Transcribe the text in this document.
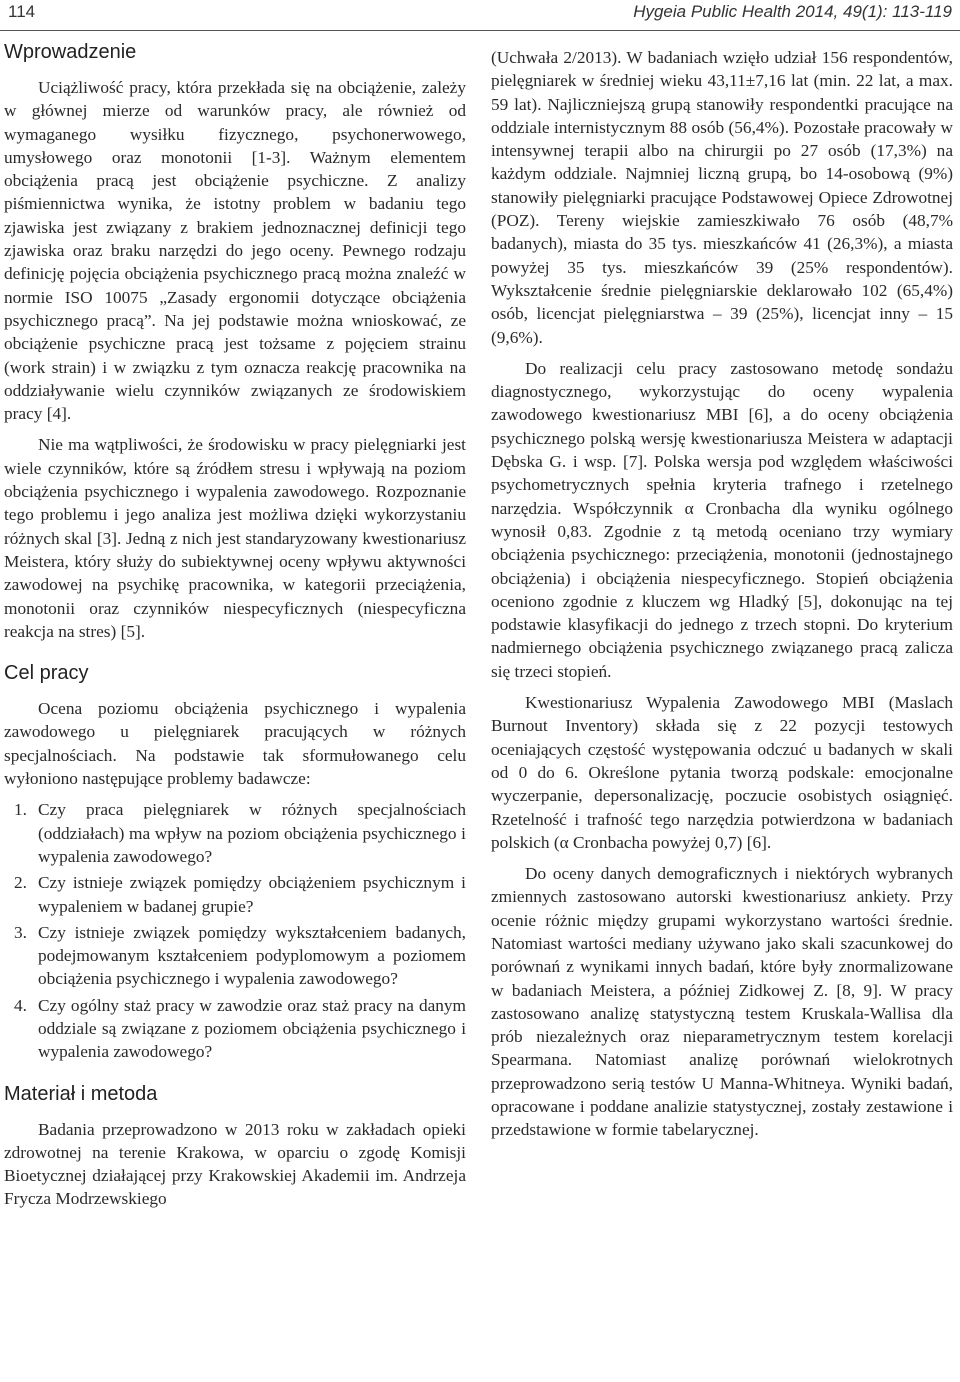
114	Hygeia Public Health 2014, 49(1): 113-119
Wprowadzenie

Uciążliwość pracy, która przekłada się na obciążenie, zależy w głównej mierze od warunków pracy, ale również od wymaganego wysiłku fizycznego, psychonerwowego, umysłowego oraz monotonii [1-3]. Ważnym elementem obciążenia pracą jest obciążenie psychiczne. Z analizy piśmiennictwa wynika, że istotny problem w badaniu tego zjawiska jest związany z brakiem jednoznacznej definicji tego zjawiska oraz braku narzędzi do jego oceny. Pewnego rodzaju definicję pojęcia obciążenia psychicznego pracą można znaleźć w normie ISO 10075 „Zasady ergonomii dotyczące obciążenia psychicznego pracą”. Na jej podstawie można wnioskować, ze obciążenie psychiczne pracą jest tożsame z pojęciem strainu (work strain) i w związku z tym oznacza reakcję pracownika na oddziaływanie wielu czynników związanych ze środowiskiem pracy [4].

Nie ma wątpliwości, że środowisku w pracy pielęgniarki jest wiele czynników, które są źródłem stresu i wpływają na poziom obciążenia psychicznego i wypalenia zawodowego. Rozpoznanie tego problemu i jego analiza jest możliwa dzięki wykorzystaniu różnych skal [3]. Jedną z nich jest standaryzowany kwestionariusz Meistera, który służy do subiektywnej oceny wpływu aktywności zawodowej na psychikę pracownika, w kategorii przeciążenia, monotonii oraz czynników niespecyficznych (niespecyficzna reakcja na stres) [5].

Cel pracy

Ocena poziomu obciążenia psychicznego i wypalenia zawodowego u pielęgniarek pracujących w różnych specjalnościach. Na podstawie tak sformułowanego celu wyłoniono następujące problemy badawcze:

1. Czy praca pielęgniarek w różnych specjalnościach (oddziałach) ma wpływ na poziom obciążenia psychicznego i wypalenia zawodowego?
2. Czy istnieje związek pomiędzy obciążeniem psychicznym i wypaleniem w badanej grupie?
3. Czy istnieje związek pomiędzy wykształceniem badanych, podejmowanym kształceniem podyplomowym a poziomem obciążenia psychicznego i wypalenia zawodowego?
4. Czy ogólny staż pracy w zawodzie oraz staż pracy na danym oddziale są związane z poziomem obciążenia psychicznego i wypalenia zawodowego?
Materiał i metoda

Badania przeprowadzono w 2013 roku w zakładach opieki zdrowotnej na terenie Krakowa, w oparciu o zgodę Komisji Bioetycznej działającej przy Krakowskiej Akademii im. Andrzeja Frycza Modrzewskiego

(Uchwała 2/2013). W badaniach wzięło udział 156 respondentów, pielęgniarek w średniej wieku 43,11±7,16 lat (min. 22 lat, a max. 59 lat). Najliczniejszą grupą stanowiły respondentki pracujące na oddziale internistycznym 88 osób (56,4%). Pozostałe pracowały w intensywnej terapii albo na chirurgii po 27 osób (17,3%) na każdym oddziale. Najmniej liczną grupą, bo 14-osobową (9%) stanowiły pielęgniarki pracujące Podstawowej Opiece Zdrowotnej (POZ). Tereny wiejskie zamieszkiwało 76 osób (48,7% badanych), miasta do 35 tys. mieszkańców 41 (26,3%), a miasta powyżej 35 tys. mieszkańców 39 (25% respondentów). Wykształcenie średnie pielęgniarskie deklarowało 102 (65,4%) osób, licencjat pielęgniarstwa – 39 (25%), licencjat inny – 15 (9,6%).

Do realizacji celu pracy zastosowano metodę sondażu diagnostycznego, wykorzystując do oceny wypalenia zawodowego kwestionariusz MBI [6], a do oceny obciążenia psychicznego polską wersję kwestionariusza Meistera w adaptacji Dębska G. i wsp. [7]. Polska wersja pod względem właściwości psychometrycznych spełnia kryteria trafnego i rzetelnego narzędzia. Współczynnik α Cronbacha dla wyniku ogólnego wynosił 0,83. Zgodnie z tą metodą oceniano trzy wymiary obciążenia psychicznego: przeciążenia, monotonii (jednostajnego obciążenia) i obciążenia niespecyficznego. Stopień obciążenia oceniono zgodnie z kluczem wg Hladký [5], dokonując na tej podstawie klasyfikacji do jednego z trzech stopni. Do kryterium nadmiernego obciążenia psychicznego związanego pracą zalicza się trzeci stopień.

Kwestionariusz Wypalenia Zawodowego MBI (Maslach Burnout Inventory) składa się z 22 pozycji testowych oceniających częstość występowania odczuć u badanych w skali od 0 do 6. Określone pytania tworzą podskale: emocjonalne wyczerpanie, depersonalizację, poczucie osobistych osiągnięć. Rzetelność i trafność tego narzędzia potwierdzona w badaniach polskich (α Cronbacha powyżej 0,7) [6].

Do oceny danych demograficznych i niektórych wybranych zmiennych zastosowano autorski kwestionariusz ankiety. Przy ocenie różnic między grupami wykorzystano wartości średnie. Natomiast wartości mediany używano jako skali szacunkowej do porównań z wynikami innych badań, które były znormalizowane w badaniach Meistera, a później Zidkowej Z. [8, 9]. W pracy zastosowano analizę statystyczną testem Kruskala-Wallisa dla prób niezależnych oraz nieparametrycznym testem korelacji Spearmana. Natomiast analizę porównań wielokrotnych przeprowadzono serią testów U Manna-Whitneya. Wyniki badań, opracowane i poddane analizie statystycznej, zostały zestawione i przedstawione w formie tabelarycznej.
